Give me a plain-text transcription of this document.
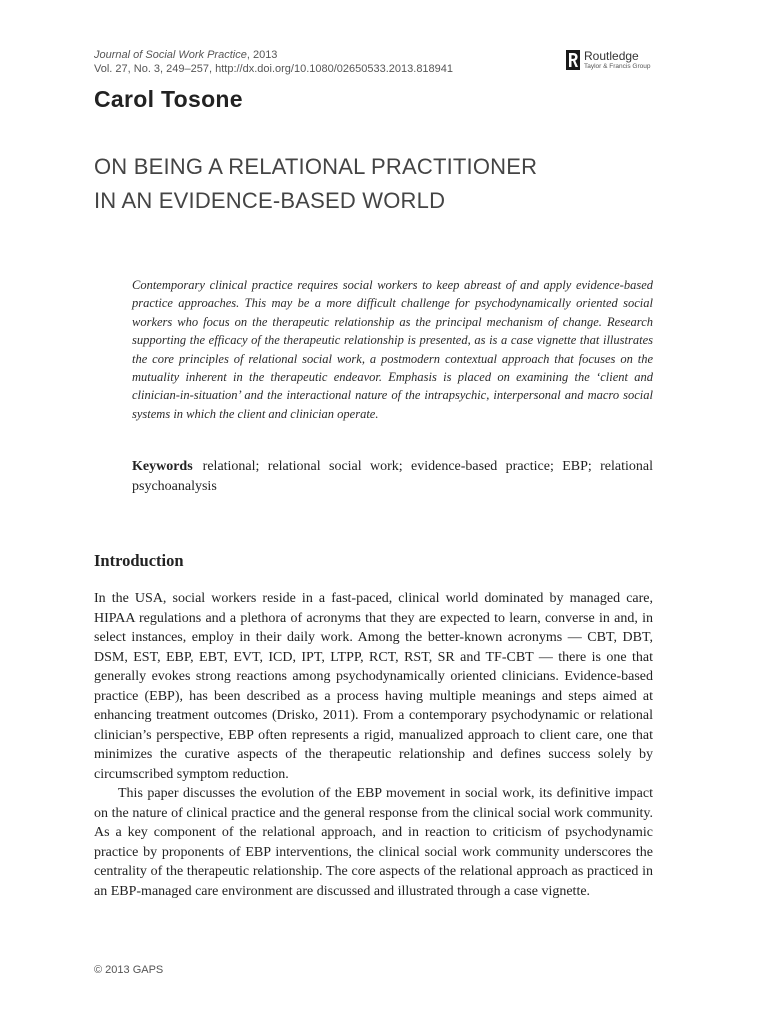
Journal of Social Work Practice, 2013
Vol. 27, No. 3, 249–257, http://dx.doi.org/10.1080/02650533.2013.818941
Routledge
Taylor & Francis Group
Carol Tosone
ON BEING A RELATIONAL PRACTITIONER
IN AN EVIDENCE-BASED WORLD
Contemporary clinical practice requires social workers to keep abreast of and apply evidence-based practice approaches. This may be a more difficult challenge for psychodynamically oriented social workers who focus on the therapeutic relationship as the principal mechanism of change. Research supporting the efficacy of the therapeutic relationship is presented, as is a case vignette that illustrates the core principles of relational social work, a postmodern contextual approach that focuses on the mutuality inherent in the therapeutic endeavor. Emphasis is placed on examining the ‘client and clinician-in-situation’ and the interactional nature of the intrapsychic, interpersonal and macro social systems in which the client and clinician operate.
Keywords relational; relational social work; evidence-based practice; EBP; relational psychoanalysis
Introduction

In the USA, social workers reside in a fast-paced, clinical world dominated by managed care, HIPAA regulations and a plethora of acronyms that they are expected to learn, converse in and, in select instances, employ in their daily work. Among the better-known acronyms — CBT, DBT, DSM, EST, EBP, EBT, EVT, ICD, IPT, LTPP, RCT, RST, SR and TF-CBT — there is one that generally evokes strong reactions among psychodynamically oriented clinicians. Evidence-based practice (EBP), has been described as a process having multiple meanings and steps aimed at enhancing treatment outcomes (Drisko, 2011). From a contemporary psychodynamic or relational clinician’s perspective, EBP often represents a rigid, manualized approach to client care, one that minimizes the curative aspects of the therapeutic relationship and defines success solely by circumscribed symptom reduction.

This paper discusses the evolution of the EBP movement in social work, its definitive impact on the nature of clinical practice and the general response from the clinical social work community. As a key component of the relational approach, and in reaction to criticism of psychodynamic practice by proponents of EBP interventions, the clinical social work community underscores the centrality of the therapeutic relationship. The core aspects of the relational approach as practiced in an EBP-managed care environment are discussed and illustrated through a case vignette.

© 2013 GAPS
